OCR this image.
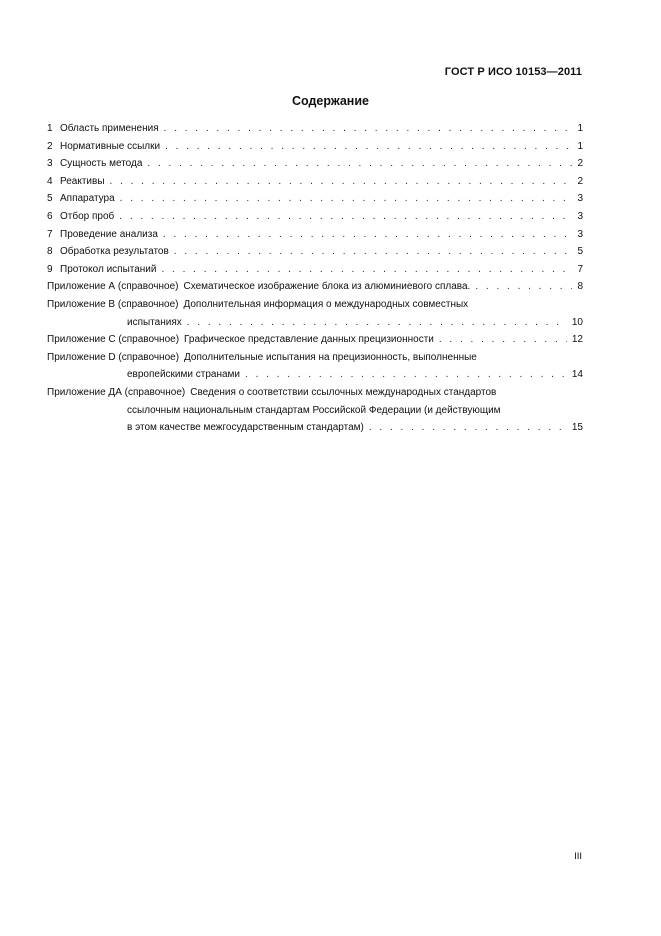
ГОСТ Р ИСО 10153—2011
Содержание
1 Область применения . . .	1
2 Нормативные ссылки . . .	1
3 Сущность метода . . .	2
4 Реактивы . . .	2
5 Аппаратура . . .	3
6 Отбор проб . . .	3
7 Проведение анализа . . .	3
8 Обработка результатов . . .	5
9 Протокол испытаний . . .	7
Приложение А (справочное) Схематическое изображение блока из алюминиевого сплава. . . .	8
Приложение В (справочное) Дополнительная информация о международных совместных
испытаниях . . .	10
Приложение С (справочное) Графическое представление данных прецизионности . . .	12
Приложение D (справочное) Дополнительные испытания на прецизионность, выполненные
европейскими странами . . .	14
Приложение ДА (справочное) Сведения о соответствии ссылочных международных стандартов
ссылочным национальным стандартам Российской Федерации (и действующим
в этом качестве межгосударственным стандартам) . . .	15
III
